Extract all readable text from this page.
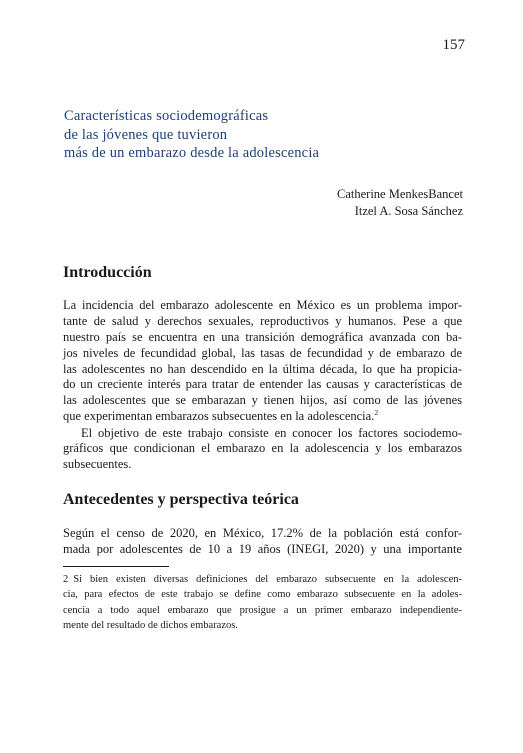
157
Características sociodemográficas
de las jóvenes que tuvieron
más de un embarazo desde la adolescencia
Catherine MenkesBancet
Itzel A. Sosa Sánchez
Introducción
La incidencia del embarazo adolescente en México es un problema impor-
tante de salud y derechos sexuales, reproductivos y humanos. Pese a que
nuestro país se encuentra en una transición demográfica avanzada con ba-
jos niveles de fecundidad global, las tasas de fecundidad y de embarazo de
las adolescentes no han descendido en la última década, lo que ha propicia-
do un creciente interés para tratar de entender las causas y características de
las adolescentes que se embarazan y tienen hijos, así como de las jóvenes
que experimentan embarazos subsecuentes en la adolescencia.$^2$
El objetivo de este trabajo consiste en conocer los factores sociodemo-
gráficos que condicionan el embarazo en la adolescencia y los embarazos
subsecuentes.
Antecedentes y perspectiva teórica
Según el censo de 2020, en México, 17.2% de la población está confor-
mada por adolescentes de 10 a 19 años (INEGI, 2020) y una importante
2 Si bien existen diversas definiciones del embarazo subsecuente en la adolescen-
cia, para efectos de este trabajo se define como embarazo subsecuente en la adoles-
cencia a todo aquel embarazo que prosigue a un primer embarazo independiente-
mente del resultado de dichos embarazos.
